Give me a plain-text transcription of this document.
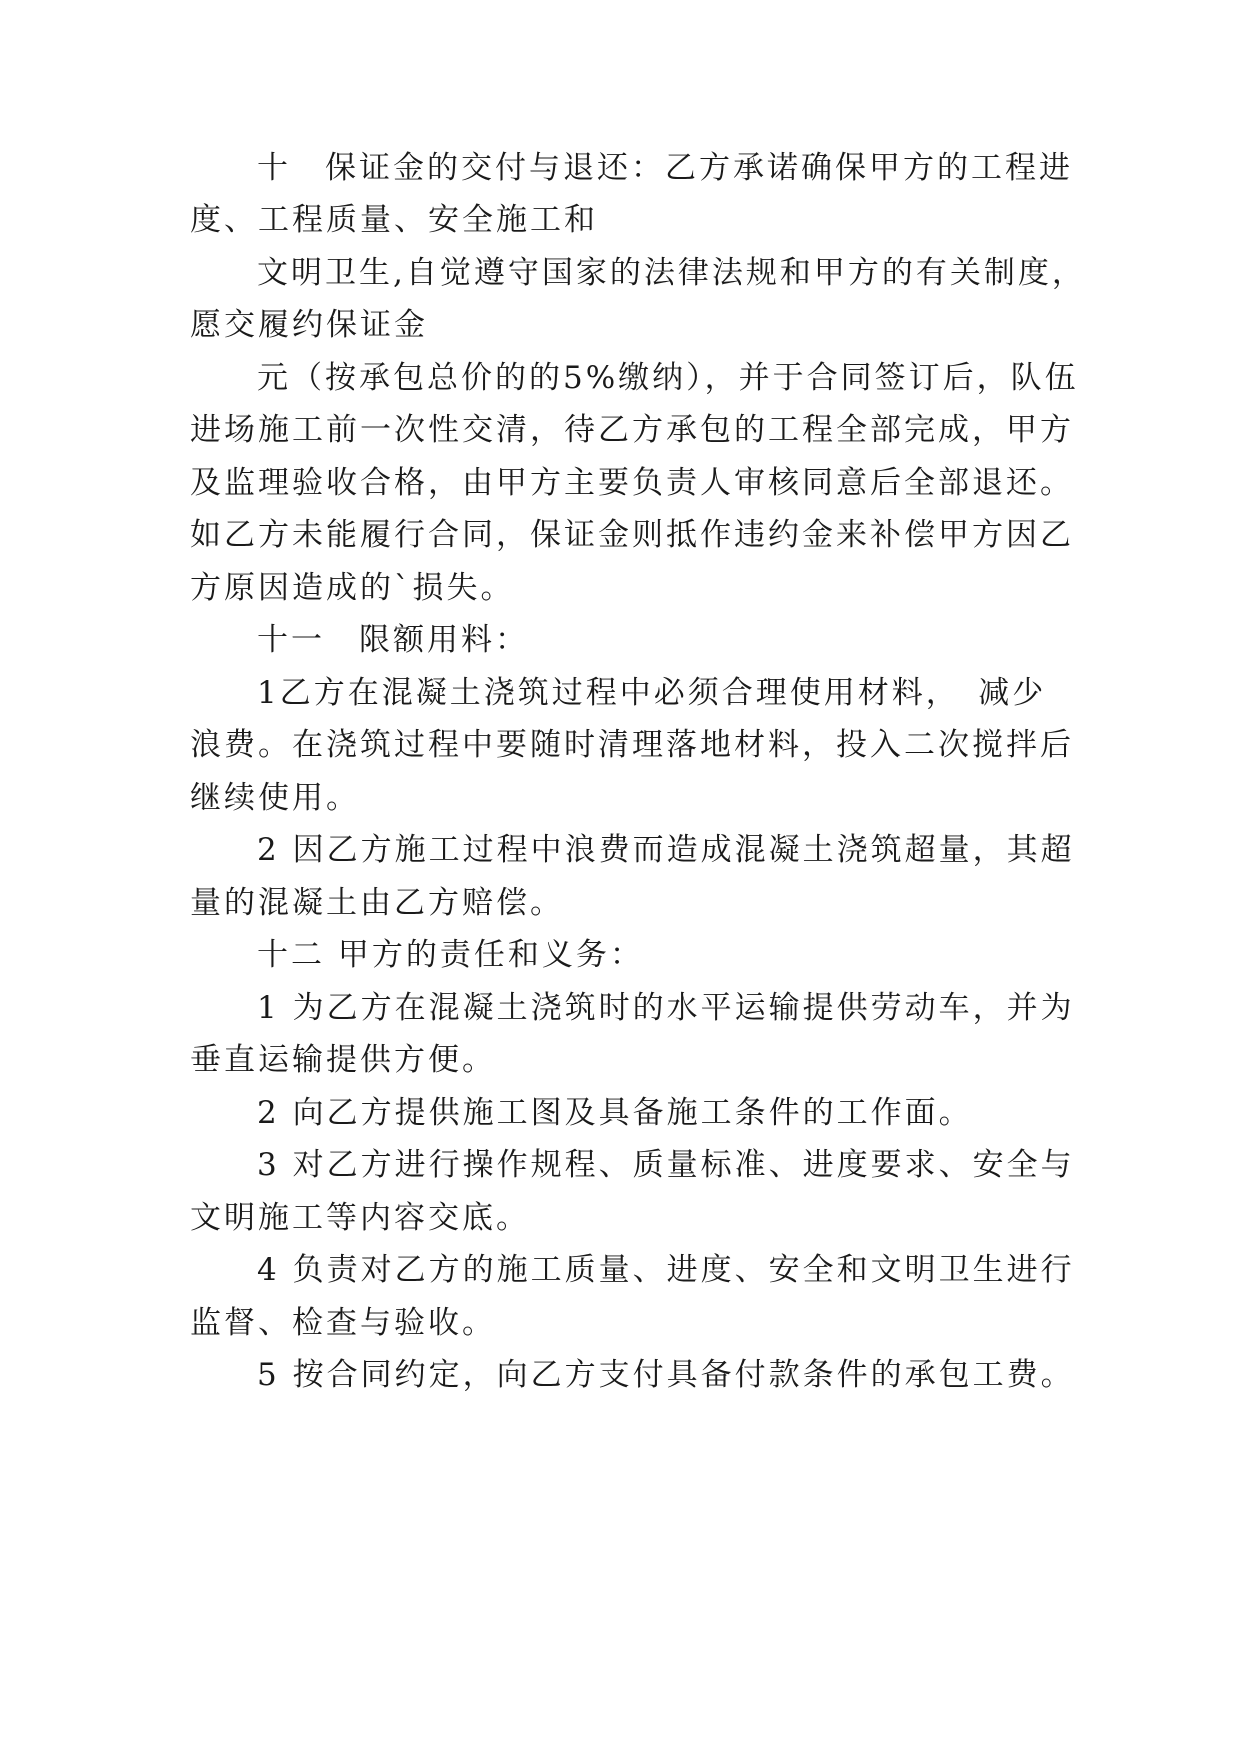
十　保证金的交付与退还：乙方承诺确保甲方的工程进
度、工程质量、安全施工和
文明卫生,自觉遵守国家的法律法规和甲方的有关制度，
愿交履约保证金
元（按承包总价的的5%缴纳），并于合同签订后，队伍
进场施工前一次性交清，待乙方承包的工程全部完成，甲方
及监理验收合格，由甲方主要负责人审核同意后全部退还。
如乙方未能履行合同，保证金则抵作违约金来补偿甲方因乙
方原因造成的`损失。
十一　限额用料：
1乙方在混凝土浇筑过程中必须合理使用材料，　减少
浪费。在浇筑过程中要随时清理落地材料，投入二次搅拌后
继续使用。
2 因乙方施工过程中浪费而造成混凝土浇筑超量，其超
量的混凝土由乙方赔偿。
十二 甲方的责任和义务：
1 为乙方在混凝土浇筑时的水平运输提供劳动车，并为
垂直运输提供方便。
2 向乙方提供施工图及具备施工条件的工作面。
3 对乙方进行操作规程、质量标准、进度要求、安全与
文明施工等内容交底。
4 负责对乙方的施工质量、进度、安全和文明卫生进行
监督、检查与验收。
5 按合同约定，向乙方支付具备付款条件的承包工费。
